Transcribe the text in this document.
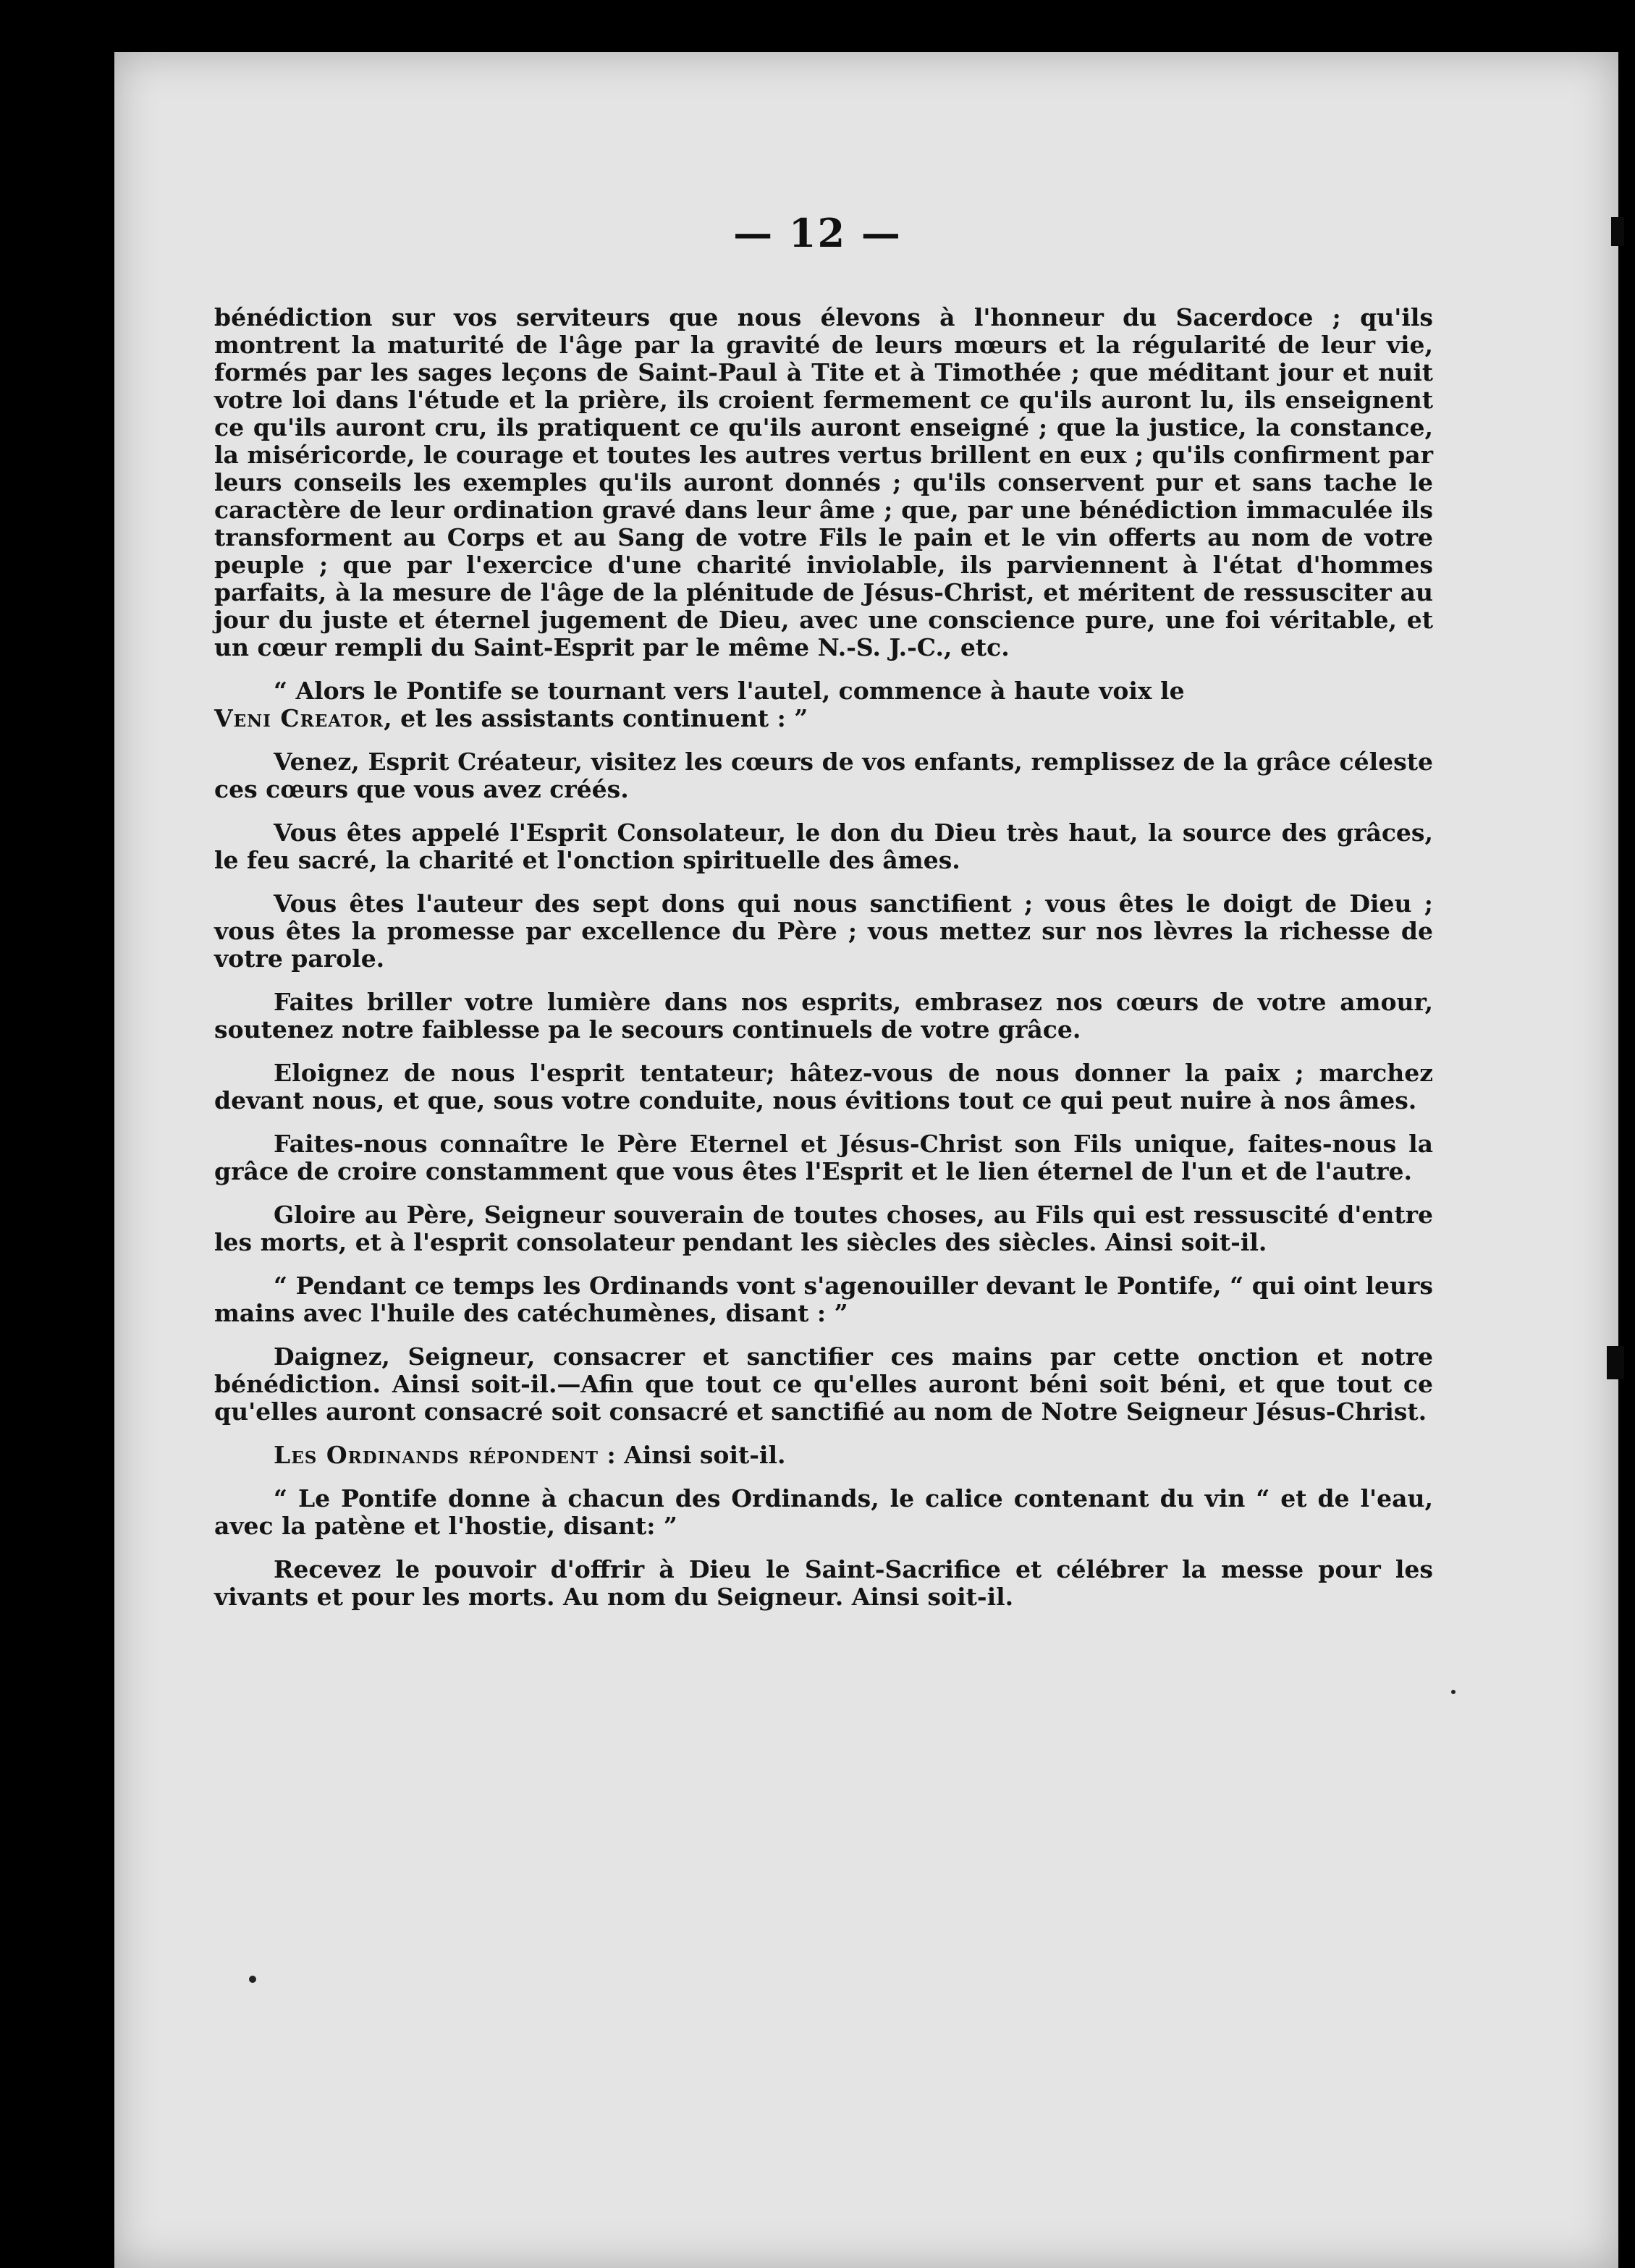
— 12 —

bénédiction sur vos serviteurs que nous élevons à l'honneur du Sacerdoce ; qu'ils montrent la maturité de l'âge par la gravité de leurs mœurs et la régularité de leur vie, formés par les sages leçons de Saint-Paul à Tite et à Timothée ; que méditant jour et nuit votre loi dans l'étude et la prière, ils croient fermement ce qu'ils auront lu, ils enseignent ce qu'ils auront cru, ils pratiquent ce qu'ils auront enseigné ; que la justice, la constance, la miséricorde, le courage et toutes les autres vertus brillent en eux ; qu'ils confirment par leurs conseils les exemples qu'ils auront donnés ; qu'ils conservent pur et sans tache le caractère de leur ordination gravé dans leur âme ; que, par une bénédiction immaculée ils transforment au Corps et au Sang de votre Fils le pain et le vin offerts au nom de votre peuple ; que par l'exercice d'une charité inviolable, ils parviennent à l'état d'hommes parfaits, à la mesure de l'âge de la plénitude de Jésus-Christ, et méritent de ressusciter au jour du juste et éternel jugement de Dieu, avec une conscience pure, une foi véritable, et un cœur rempli du Saint-Esprit par le même N.-S. J.-C., etc.

“ Alors le Pontife se tournant vers l'autel, commence à haute voix le
Veni Creator, et les assistants continuent : ”

Venez, Esprit Créateur, visitez les cœurs de vos enfants, remplissez de la grâce céleste ces cœurs que vous avez créés.

Vous êtes appelé l'Esprit Consolateur, le don du Dieu très haut, la source des grâces, le feu sacré, la charité et l'onction spirituelle des âmes.

Vous êtes l'auteur des sept dons qui nous sanctifient ; vous êtes le doigt de Dieu ; vous êtes la promesse par excellence du Père ; vous mettez sur nos lèvres la richesse de votre parole.

Faites briller votre lumière dans nos esprits, embrasez nos cœurs de votre amour, soutenez notre faiblesse pa le secours continuels de votre grâce.

Eloignez de nous l'esprit tentateur; hâtez-vous de nous donner la paix ; marchez devant nous, et que, sous votre conduite, nous évitions tout ce qui peut nuire à nos âmes.

Faites-nous connaître le Père Eternel et Jésus-Christ son Fils unique, faites-nous la grâce de croire constamment que vous êtes l'Esprit et le lien éternel de l'un et de l'autre.

Gloire au Père, Seigneur souverain de toutes choses, au Fils qui est ressuscité d'entre les morts, et à l'esprit consolateur pendant les siècles des siècles. Ainsi soit-il.

“ Pendant ce temps les Ordinands vont s'agenouiller devant le Pontife, “ qui oint leurs mains avec l'huile des catéchumènes, disant : ”

Daignez, Seigneur, consacrer et sanctifier ces mains par cette onction et notre bénédiction. Ainsi soit-il.—Afin que tout ce qu'elles auront béni soit béni, et que tout ce qu'elles auront consacré soit consacré et sanctifié au nom de Notre Seigneur Jésus-Christ.

Les Ordinands répondent : Ainsi soit-il.

“ Le Pontife donne à chacun des Ordinands, le calice contenant du vin “ et de l'eau, avec la patène et l'hostie, disant: ”

Recevez le pouvoir d'offrir à Dieu le Saint-Sacrifice et célébrer la messe pour les vivants et pour les morts. Au nom du Seigneur. Ainsi soit-il.
